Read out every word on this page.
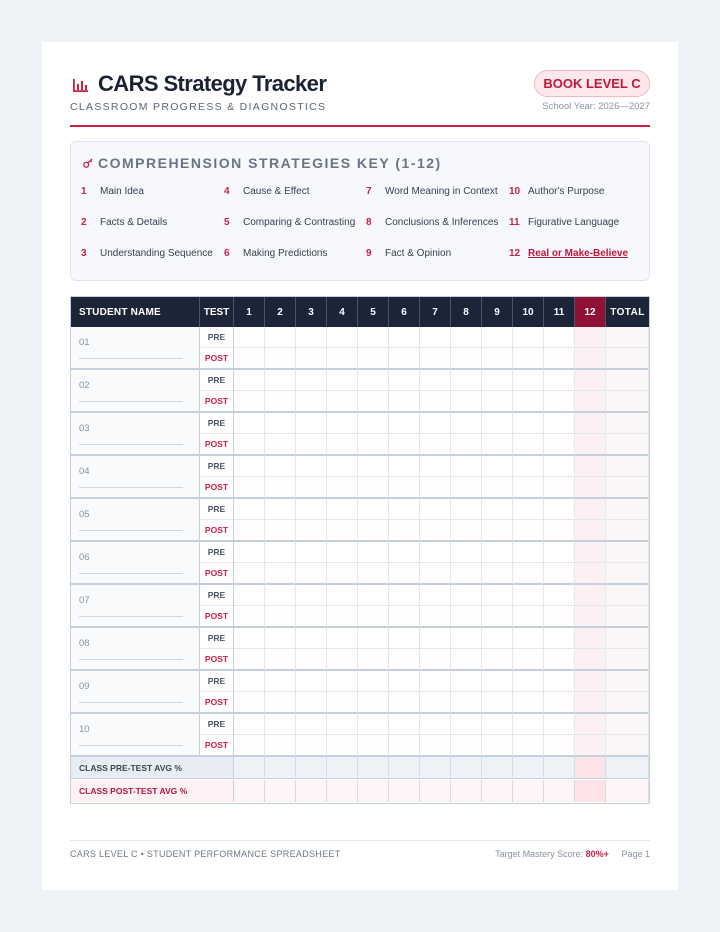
CARS Strategy Tracker
CLASSROOM PROGRESS & DIAGNOSTICS
BOOK LEVEL C
School Year: 2026—2027
COMPREHENSION STRATEGIES KEY (1-12)
1	Main Idea
2	Facts & Details
3	Understanding Sequence
4	Cause & Effect
5	Comparing & Contrasting
6	Making Predictions
7	Word Meaning in Context
8	Conclusions & Inferences
9	Fact & Opinion
10 Author's Purpose
11 Figurative Language
12 Real or Make-Believe
STUDENT NAME	TEST	1	2	3	4	5	6	7	8	9	10	11	12	TOTAL
01	PRE
POST
02	PRE
POST
03	PRE
POST
04	PRE
POST
05	PRE
POST
06	PRE
POST
07	PRE
POST
08	PRE
POST
09	PRE
POST
10	PRE
POST
CLASS PRE-TEST AVG %
CLASS POST-TEST AVG %
CARS LEVEL C • STUDENT PERFORMANCE SPREADSHEET	Target Mastery Score: 80%+ Page 1
